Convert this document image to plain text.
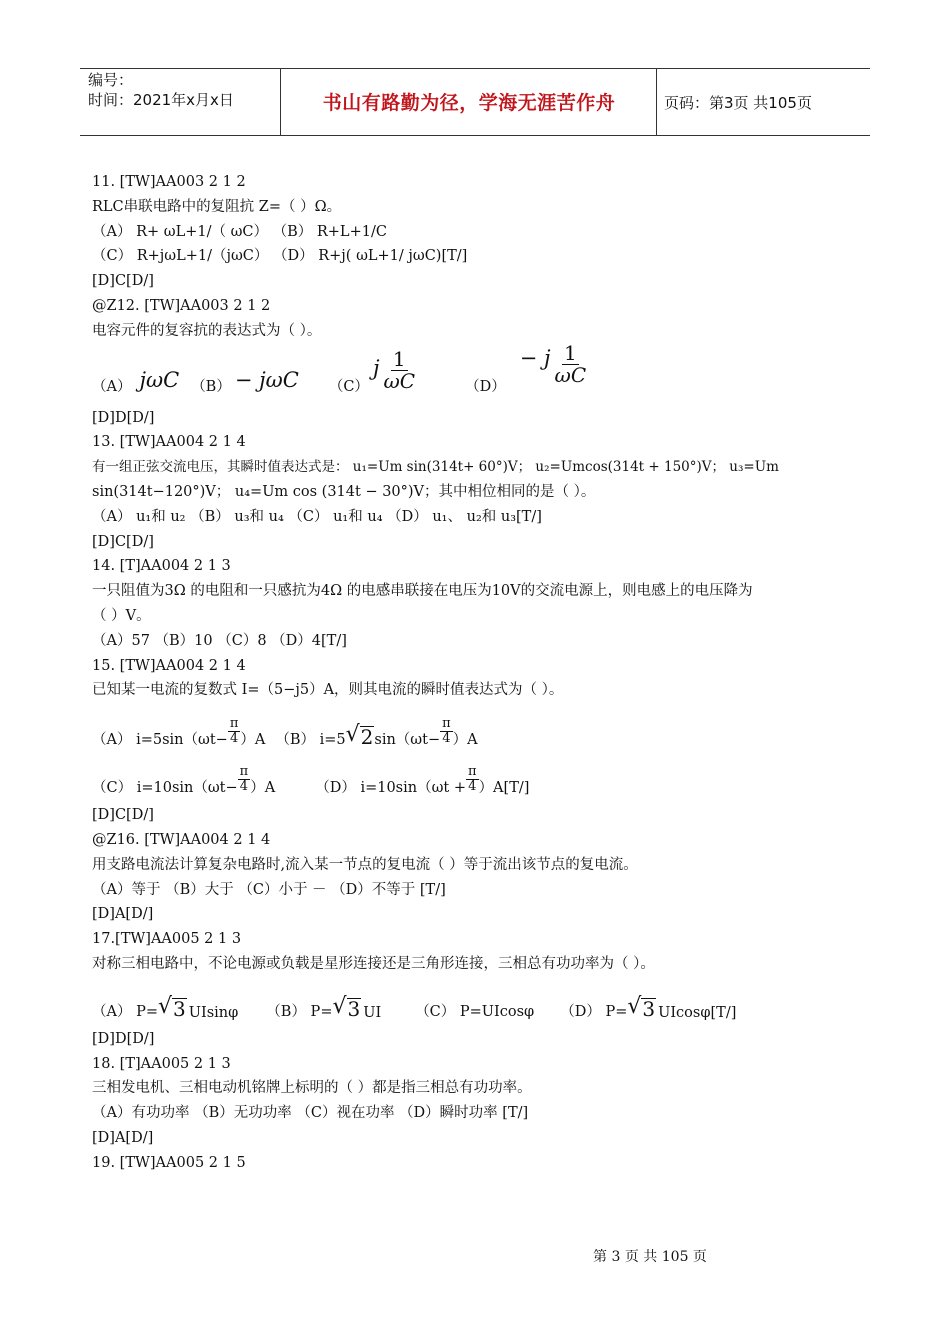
编号：
时间：2021年x月x日	书山有路勤为径，学海无涯苦作舟	页码：第3页 共105页
11. [TW]AA003 2 1 2
RLC串联电路中的复阻抗 Z=（ ）Ω。
（A） R+ ωL+1/（ ωC） （B） R+L+1/C
（C） R+jωL+1/（jωC） （D） R+j( ωL+1/ jωC)[T/]
[D]C[D/]
@Z12. [TW]AA003 2 1 2
电容元件的复容抗的表达式为（ ）。
（A） jωC （B） − jωC （C）
j $\frac{1}{\omega C}$	（D）
− j $\frac{1}{\omega C}$
[D]D[D/]
13. [TW]AA004 2 1 4
有一组正弦交流电压，其瞬时值表达式是： u₁=Um sin(314t+ 60°)V； u₂=Umcos(314t + 150°)V； u₃=Um
sin(314t−120°)V； u₄=Um cos (314t − 30°)V；其中相位相同的是（ ）。
（A） u₁和 u₂ （B） u₃和 u₄ （C） u₁和 u₄ （D） u₁、 u₂和 u₃[T/]
[D]C[D/]
14. [T]AA004 2 1 3
一只阻值为3Ω 的电阻和一只感抗为4Ω 的电感串联接在电压为10V的交流电源上，则电感上的电压降为
（ ）V。
（A）57 （B）10 （C）8 （D）4[T/]
15. [TW]AA004 2 1 4
已知某一电流的复数式 I=（5−j5）A，则其电流的瞬时值表达式为（ ）。
（A） $i=5\sin(\omega t- \frac{\pi}{4} )A$ （B） i=5 √ 2 $\sin(\omega t- \frac{\pi}{4} )A$
（C） $i=10\sin(\omega t- \frac{\pi}{4} )A$	（D） $i=10\sin(\omega t + \frac{\pi}{4} )A[T/]$
[D]C[D/]
@Z16. [TW]AA004 2 1 4
用支路电流法计算复杂电路时,流入某一节点的复电流（ ）等于流出该节点的复电流。
（A）等于 （B）大于 （C）小于 － （D）不等于 [T/]
[D]A[D/]
17.[TW]AA005 2 1 3
对称三相电路中，不论电源或负载是星形连接还是三角形连接，三相总有功功率为（ ）。
（A） P= √ 3 UIsinφ （B） P= √ 3 UI （C） P=UIcosφ （D） P= √ 3 UIcosφ[T/]
[D]D[D/]
18. [T]AA005 2 1 3
三相发电机、三相电动机铭牌上标明的（ ）都是指三相总有功功率。
（A）有功功率 （B）无功功率 （C）视在功率 （D）瞬时功率 [T/]
[D]A[D/]
19. [TW]AA005 2 1 5
第 3 页 共 105 页
